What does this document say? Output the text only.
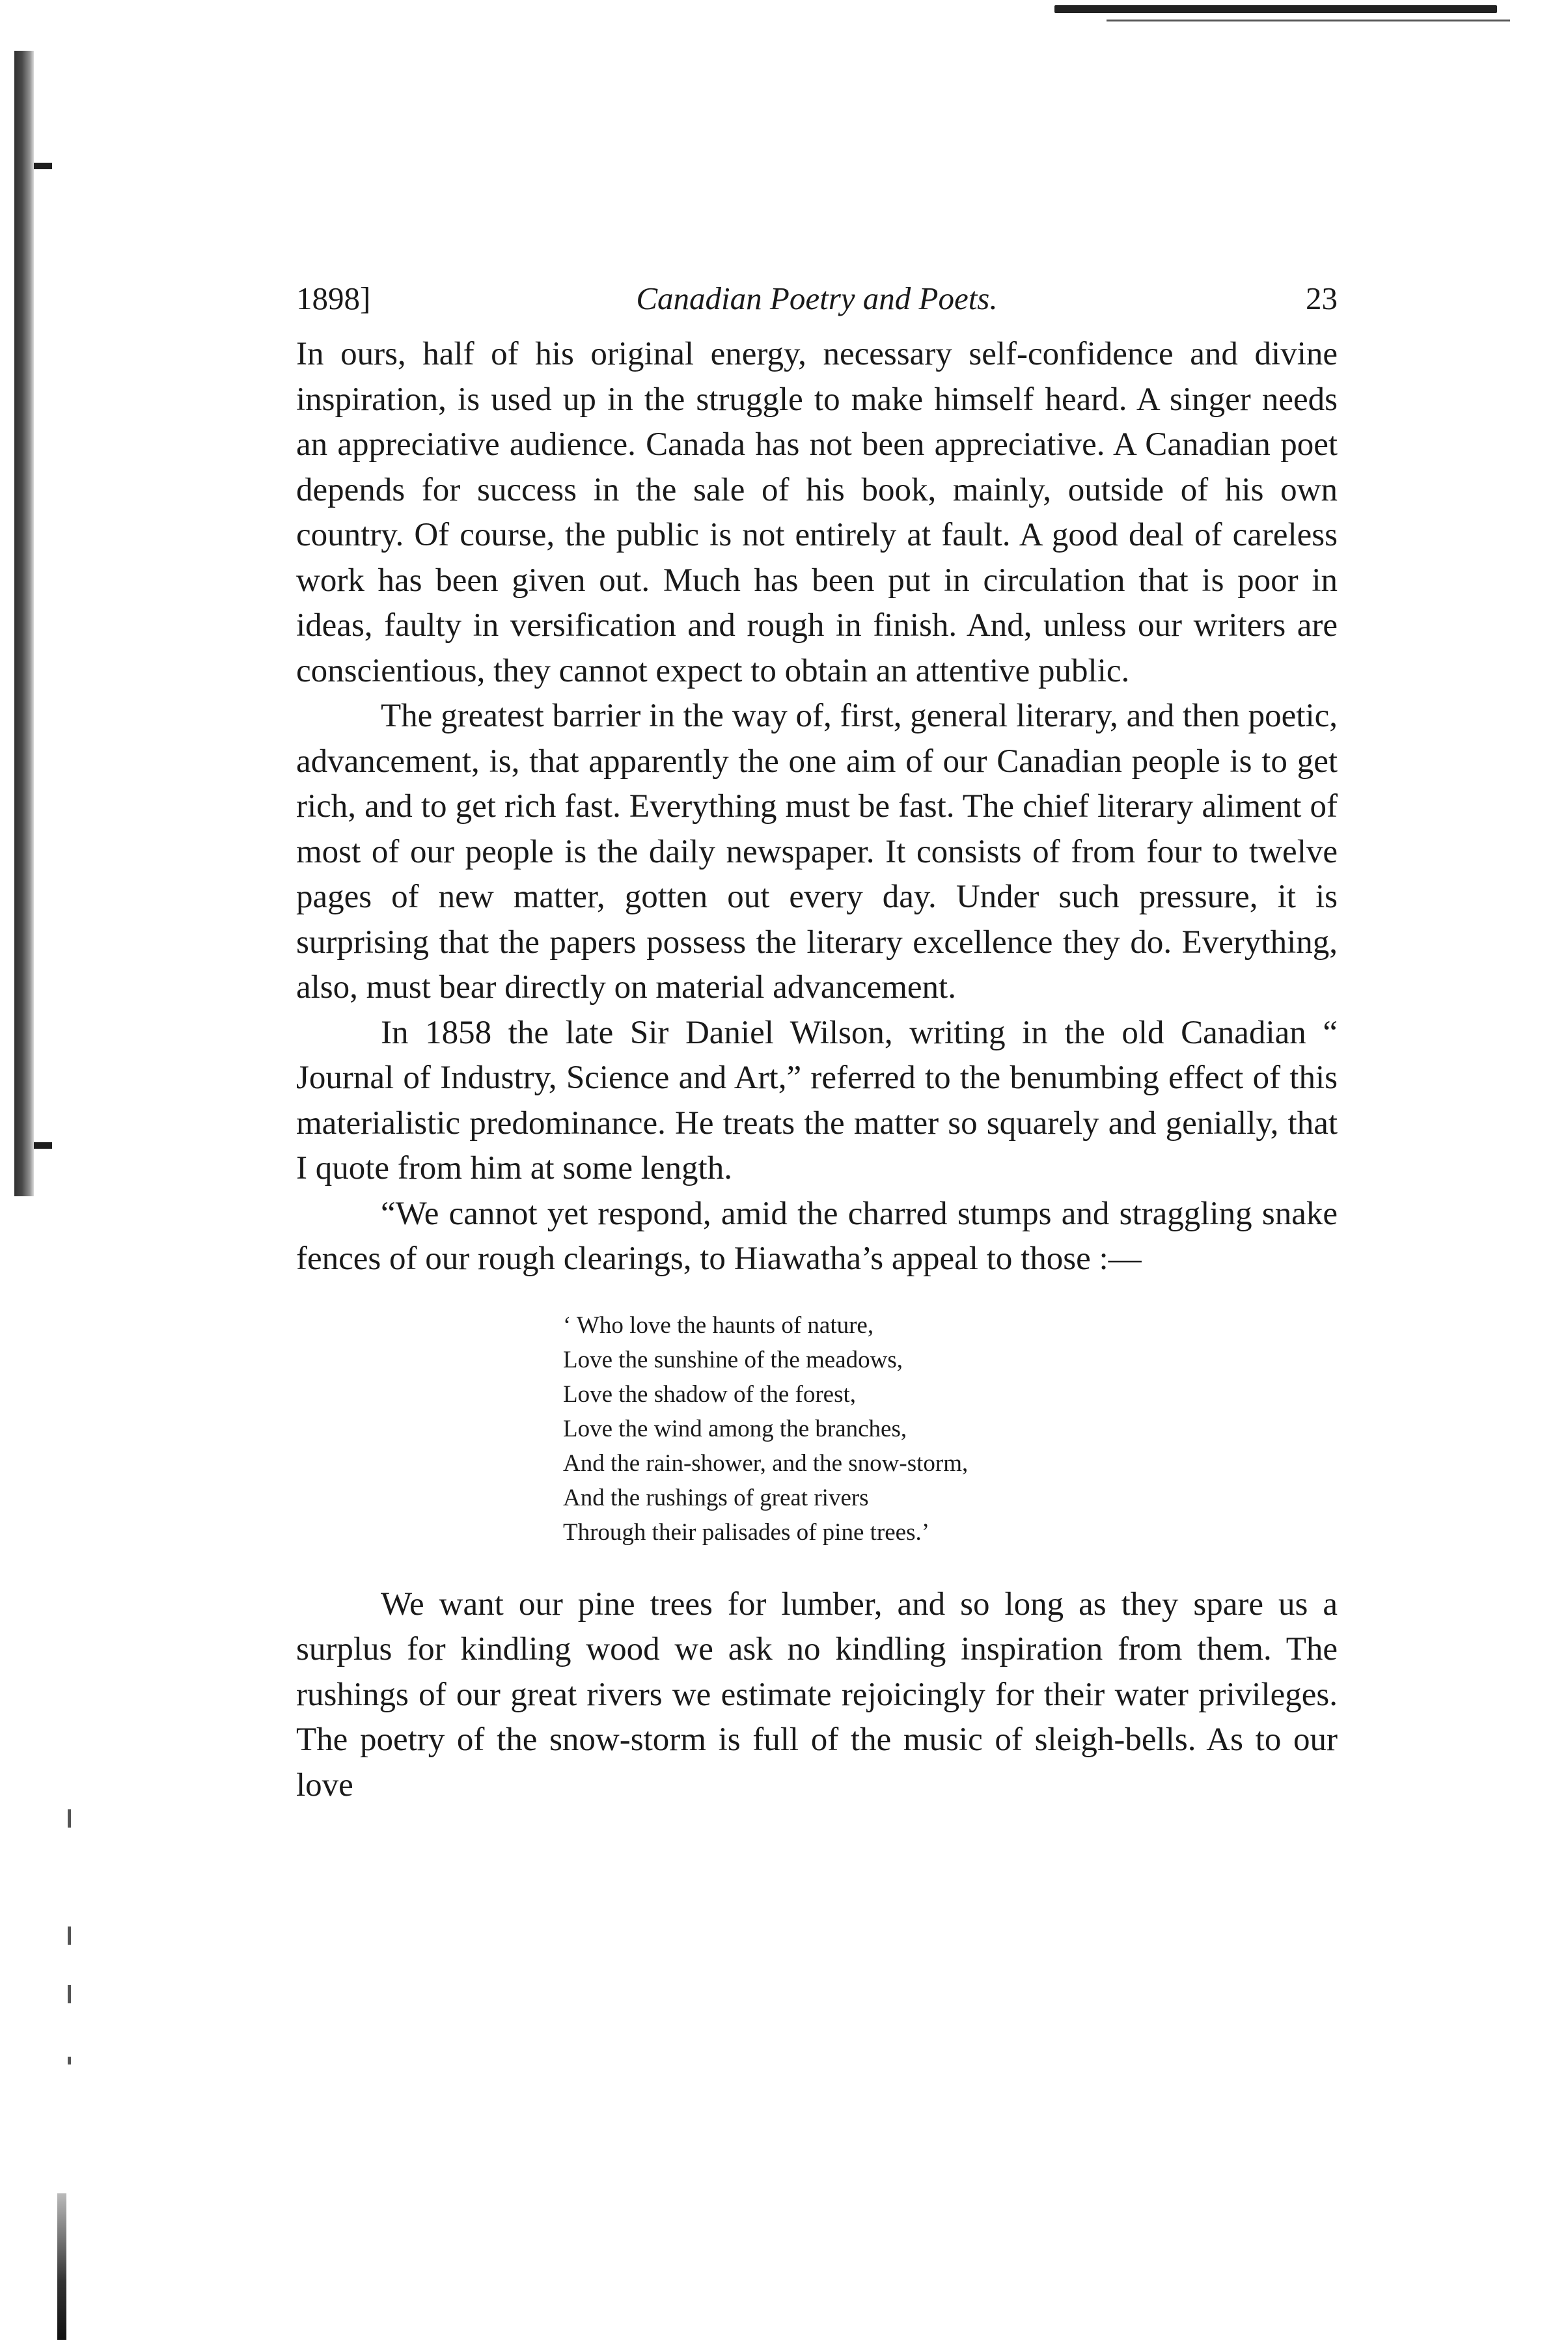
1898]	Canadian Poetry and Poets.	23

In ours, half of his original energy, necessary self-confidence and divine inspiration, is used up in the struggle to make himself heard. A singer needs an appreciative audience. Canada has not been appreciative. A Canadian poet depends for success in the sale of his book, mainly, outside of his own country. Of course, the public is not entirely at fault. A good deal of careless work has been given out. Much has been put in circulation that is poor in ideas, faulty in versification and rough in finish. And, unless our writers are conscientious, they cannot expect to obtain an attentive public.

The greatest barrier in the way of, first, general literary, and then poetic, advancement, is, that apparently the one aim of our Canadian people is to get rich, and to get rich fast. Everything must be fast. The chief literary aliment of most of our people is the daily newspaper. It consists of from four to twelve pages of new matter, gotten out every day. Under such pressure, it is surprising that the papers possess the literary excellence they do. Everything, also, must bear directly on material advancement.

In 1858 the late Sir Daniel Wilson, writing in the old Canadian “ Journal of Industry, Science and Art,” referred to the benumbing effect of this materialistic predominance. He treats the matter so squarely and genially, that I quote from him at some length.

“We cannot yet respond, amid the charred stumps and straggling snake fences of our rough clearings, to Hiawatha’s appeal to those :—

‘ Who love the haunts of nature,
Love the sunshine of the meadows,
Love the shadow of the forest,
Love the wind among the branches,
And the rain-shower, and the snow-storm,
And the rushings of great rivers
Through their palisades of pine trees.’

We want our pine trees for lumber, and so long as they spare us a surplus for kindling wood we ask no kindling inspiration from them. The rushings of our great rivers we estimate rejoicingly for their water privileges. The poetry of the snow-storm is full of the music of sleigh-bells. As to our love
